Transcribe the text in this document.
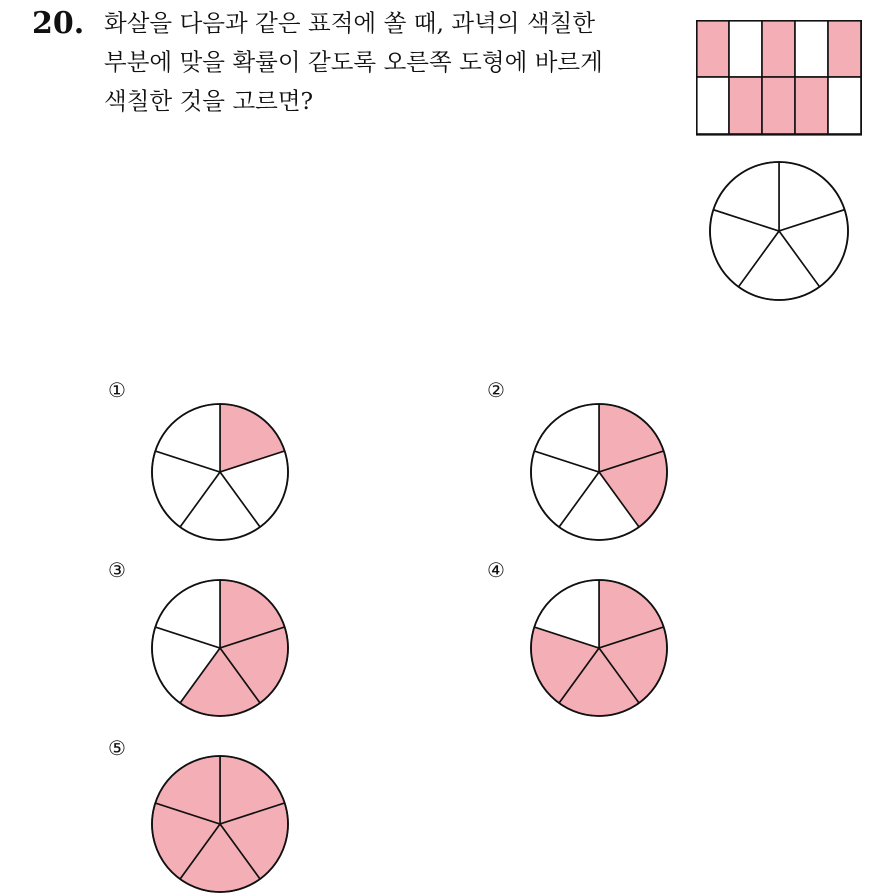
20. 화살을 다음과 같은 표적에 쏠 때, 과녁의 색칠한
부분에 맞을 확률이 같도록 오른쪽 도형에 바르게
색칠한 것을 고르면?
①	②
③	④
⑤
